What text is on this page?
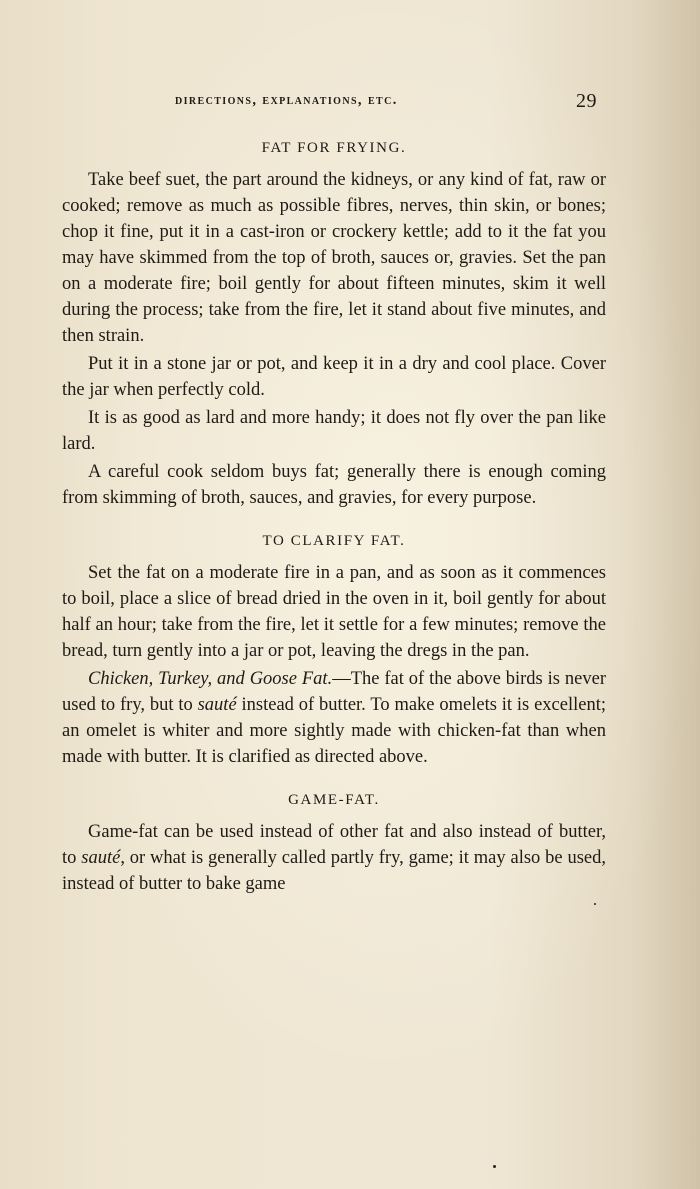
directions, explanations, etc.	29
FAT FOR FRYING.

Take beef suet, the part around the kidneys, or any kind of fat, raw or cooked; remove as much as possible fibres, nerves, thin skin, or bones; chop it fine, put it in a cast-iron or crockery kettle; add to it the fat you may have skimmed from the top of broth, sauces or, gravies. Set the pan on a moderate fire; boil gently for about fifteen minutes, skim it well during the process; take from the fire, let it stand about five minutes, and then strain.

Put it in a stone jar or pot, and keep it in a dry and cool place. Cover the jar when perfectly cold.

It is as good as lard and more handy; it does not fly over the pan like lard.

A careful cook seldom buys fat; generally there is enough coming from skimming of broth, sauces, and gravies, for every purpose.

TO CLARIFY FAT.

Set the fat on a moderate fire in a pan, and as soon as it commences to boil, place a slice of bread dried in the oven in it, boil gently for about half an hour; take from the fire, let it settle for a few minutes; remove the bread, turn gently into a jar or pot, leaving the dregs in the pan.

Chicken, Turkey, and Goose Fat.—The fat of the above birds is never used to fry, but to sauté instead of butter. To make omelets it is excellent; an omelet is whiter and more sightly made with chicken-fat than when made with butter. It is clarified as directed above.

GAME-FAT.

Game-fat can be used instead of other fat and also instead of butter, to sauté, or what is generally called partly fry, game; it may also be used, instead of butter to bake game
